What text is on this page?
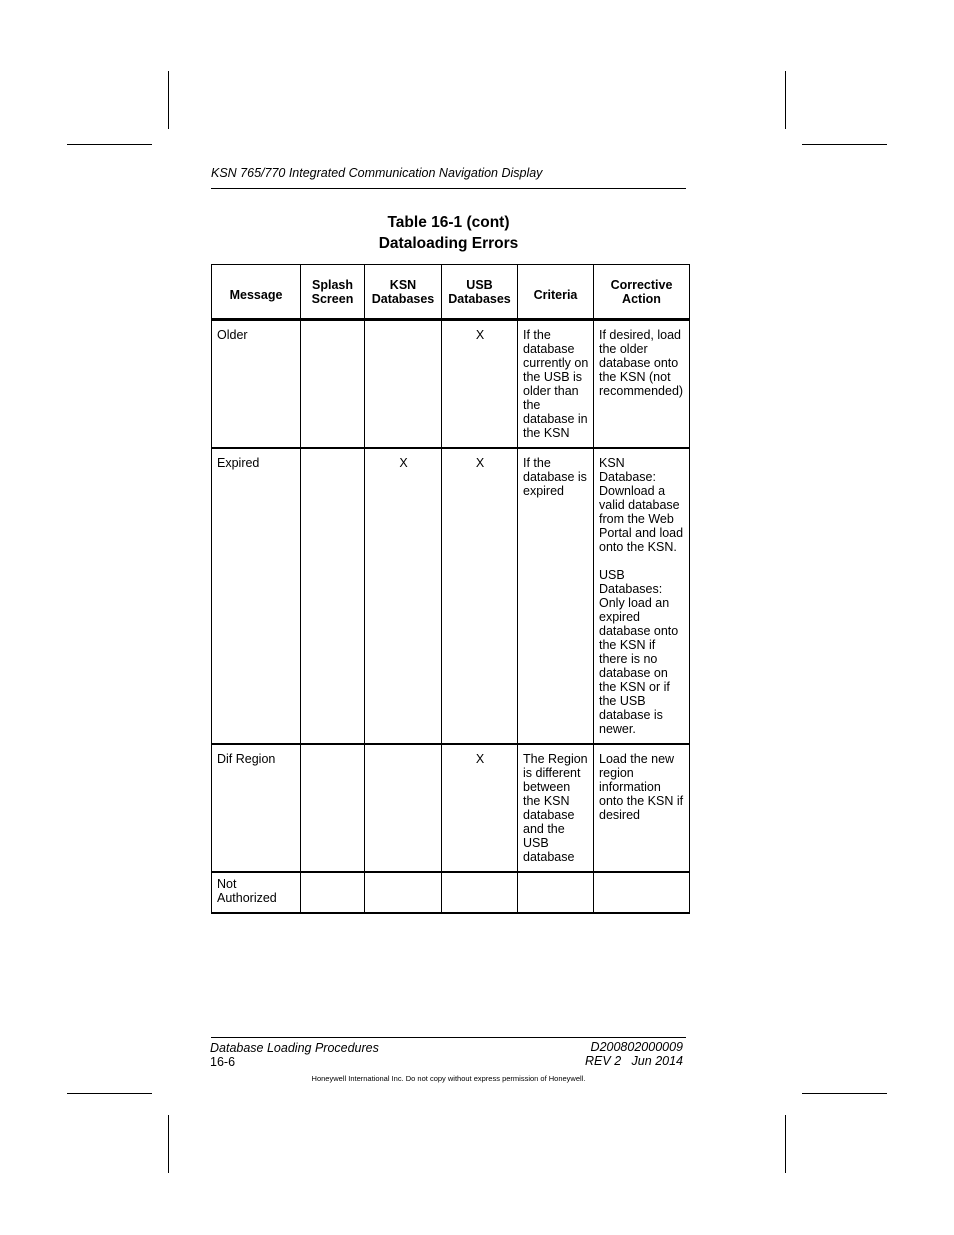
KSN 765/770 Integrated Communication Navigation Display
Table 16-1 (cont)
Dataloading Errors
Message	Splash Screen	KSN Databases	USB Databases	Criteria	Corrective Action
Older			X	If the database currently on the USB is older than the database in the KSN	If desired, load the older database onto the KSN (not recommended)

Expired		X	X	If the database is expired	KSN Database: Download a valid database from the Web Portal and load onto the KSN.
USB Databases: Only load an expired database onto the KSN if there is no database on the KSN or if the USB database is newer.

Dif Region			X	The Region is different between the KSN database and the USB database	Load the new region information onto the KSN if desired

Not Authorized					
Database Loading Procedures
16-6
D200802000009
REV 2   Jun 2014
Honeywell International Inc. Do not copy without express permission of Honeywell.
